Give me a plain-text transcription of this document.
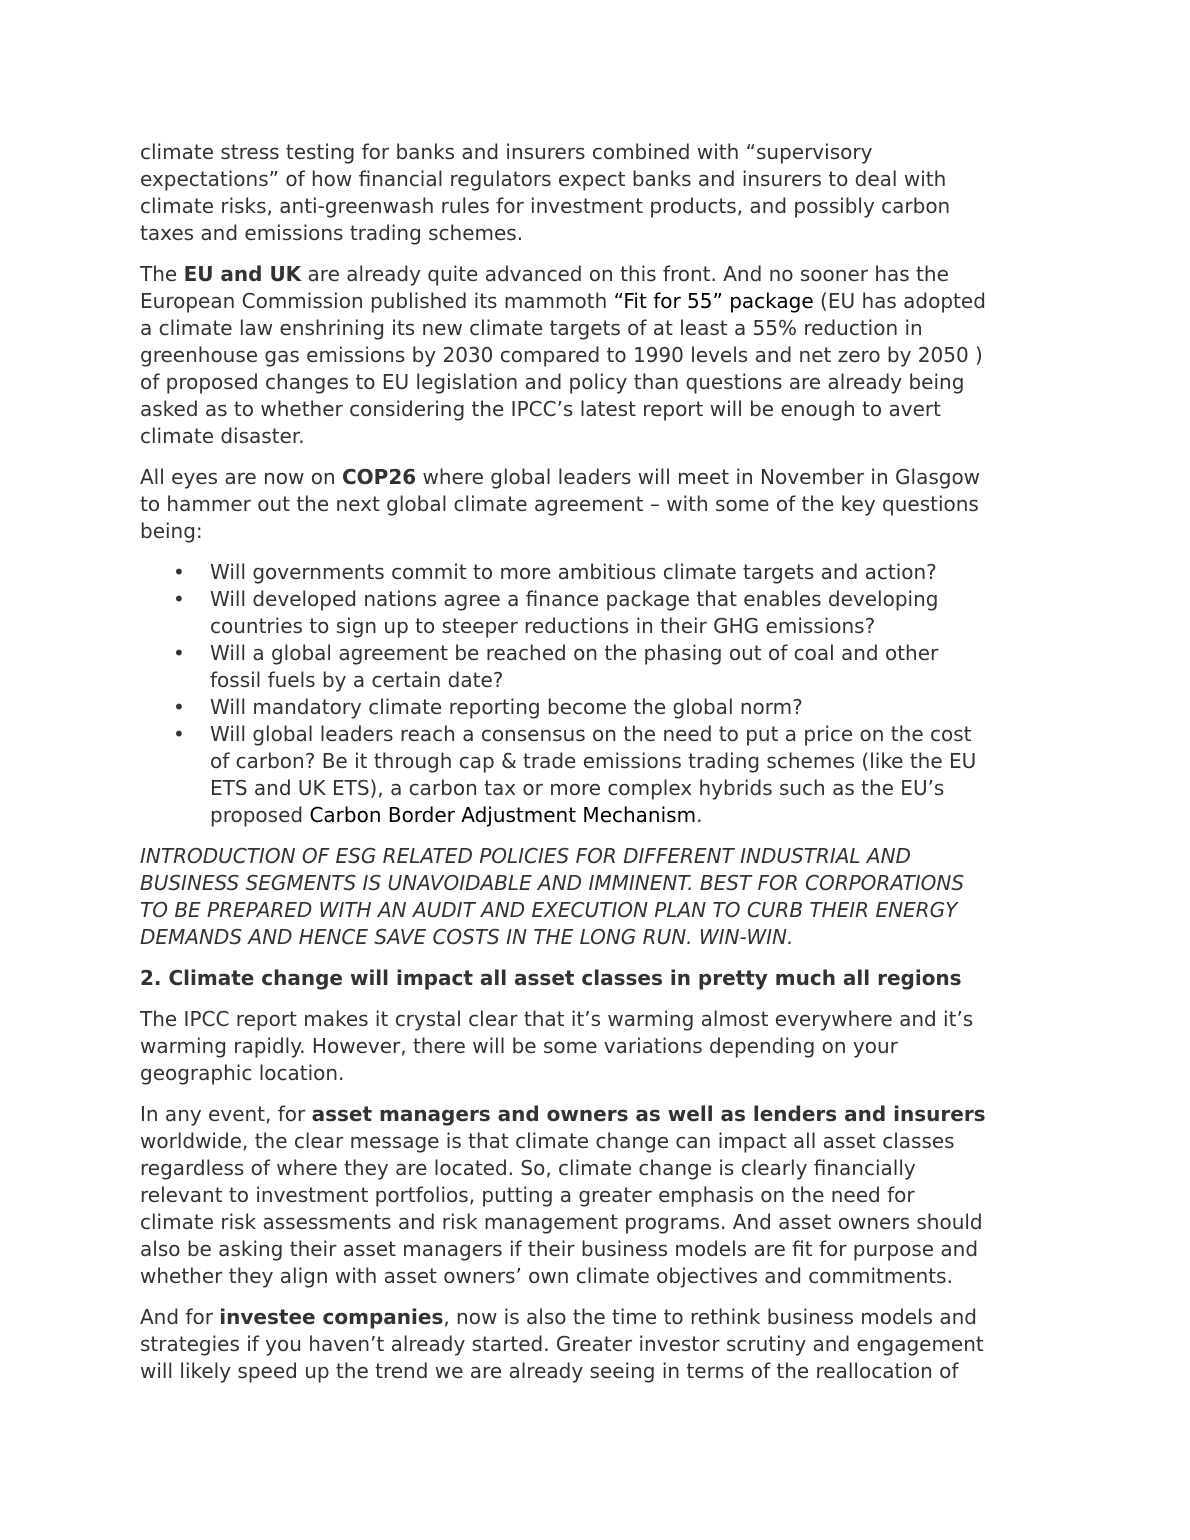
climate stress testing for banks and insurers combined with “supervisory
expectations” of how financial regulators expect banks and insurers to deal with
climate risks, anti-greenwash rules for investment products, and possibly carbon
taxes and emissions trading schemes.

The EU and UK are already quite advanced on this front. And no sooner has the
European Commission published its mammoth “Fit for 55” package (EU has adopted
a climate law enshrining its new climate targets of at least a 55% reduction in
greenhouse gas emissions by 2030 compared to 1990 levels and net zero by 2050 )
of proposed changes to EU legislation and policy than questions are already being
asked as to whether considering the IPCC’s latest report will be enough to avert
climate disaster.

All eyes are now on COP26 where global leaders will meet in November in Glasgow
to hammer out the next global climate agreement – with some of the key questions
being:

• Will governments commit to more ambitious climate targets and action?
• Will developed nations agree a finance package that enables developing
countries to sign up to steeper reductions in their GHG emissions?
• Will a global agreement be reached on the phasing out of coal and other
fossil fuels by a certain date?
• Will mandatory climate reporting become the global norm?
• Will global leaders reach a consensus on the need to put a price on the cost
of carbon? Be it through cap & trade emissions trading schemes (like the EU
ETS and UK ETS), a carbon tax or more complex hybrids such as the EU’s
proposed Carbon Border Adjustment Mechanism.

INTRODUCTION OF ESG RELATED POLICIES FOR DIFFERENT INDUSTRIAL AND
BUSINESS SEGMENTS IS UNAVOIDABLE AND IMMINENT. BEST FOR CORPORATIONS
TO BE PREPARED WITH AN AUDIT AND EXECUTION PLAN TO CURB THEIR ENERGY
DEMANDS AND HENCE SAVE COSTS IN THE LONG RUN. WIN-WIN.

2. Climate change will impact all asset classes in pretty much all regions

The IPCC report makes it crystal clear that it’s warming almost everywhere and it’s
warming rapidly. However, there will be some variations depending on your
geographic location.

In any event, for asset managers and owners as well as lenders and insurers
worldwide, the clear message is that climate change can impact all asset classes
regardless of where they are located. So, climate change is clearly financially
relevant to investment portfolios, putting a greater emphasis on the need for
climate risk assessments and risk management programs. And asset owners should
also be asking their asset managers if their business models are fit for purpose and
whether they align with asset owners’ own climate objectives and commitments.

And for investee companies, now is also the time to rethink business models and
strategies if you haven’t already started. Greater investor scrutiny and engagement
will likely speed up the trend we are already seeing in terms of the reallocation of
